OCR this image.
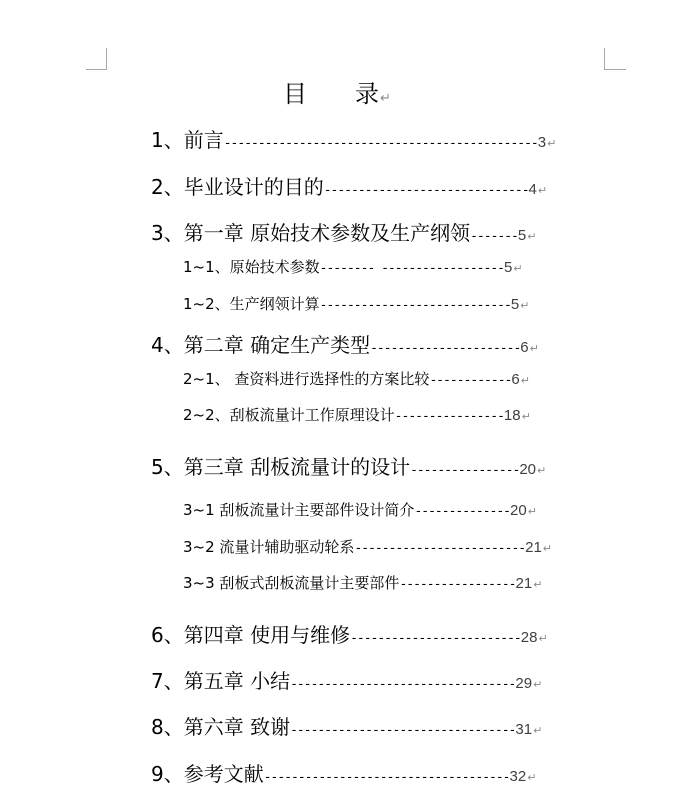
目 录↵
1、前言 ---------------------------------------------- 3 ↵
2、毕业设计的目的 ------------------------------ 4 ↵
3、第一章 原始技术参数及生产纲领 ------- 5 ↵
1~1、原始技术参数 -------- ------------------ 5 ↵
1~2、生产纲领计算 ---------------------------- 5 ↵
4、第二章 确定生产类型 ---------------------- 6 ↵
2~1、 查资料进行选择性的方案比较 ------------ 6 ↵
2~2、刮板流量计工作原理设计 ---------------- 18 ↵
5、第三章 刮板流量计的设计 ---------------- 20 ↵
3~1 刮板流量计主要部件设计简介 -------------- 20 ↵
3~2 流量计辅助驱动轮系 ------------------------- 21 ↵
3~3 刮板式刮板流量计主要部件 ----------------- 21 ↵
6、第四章 使用与维修 ------------------------- 28 ↵
7、第五章 小结 --------------------------------- 29 ↵
8、第六章 致谢 --------------------------------- 31 ↵
9、参考文献 ------------------------------------ 32 ↵
